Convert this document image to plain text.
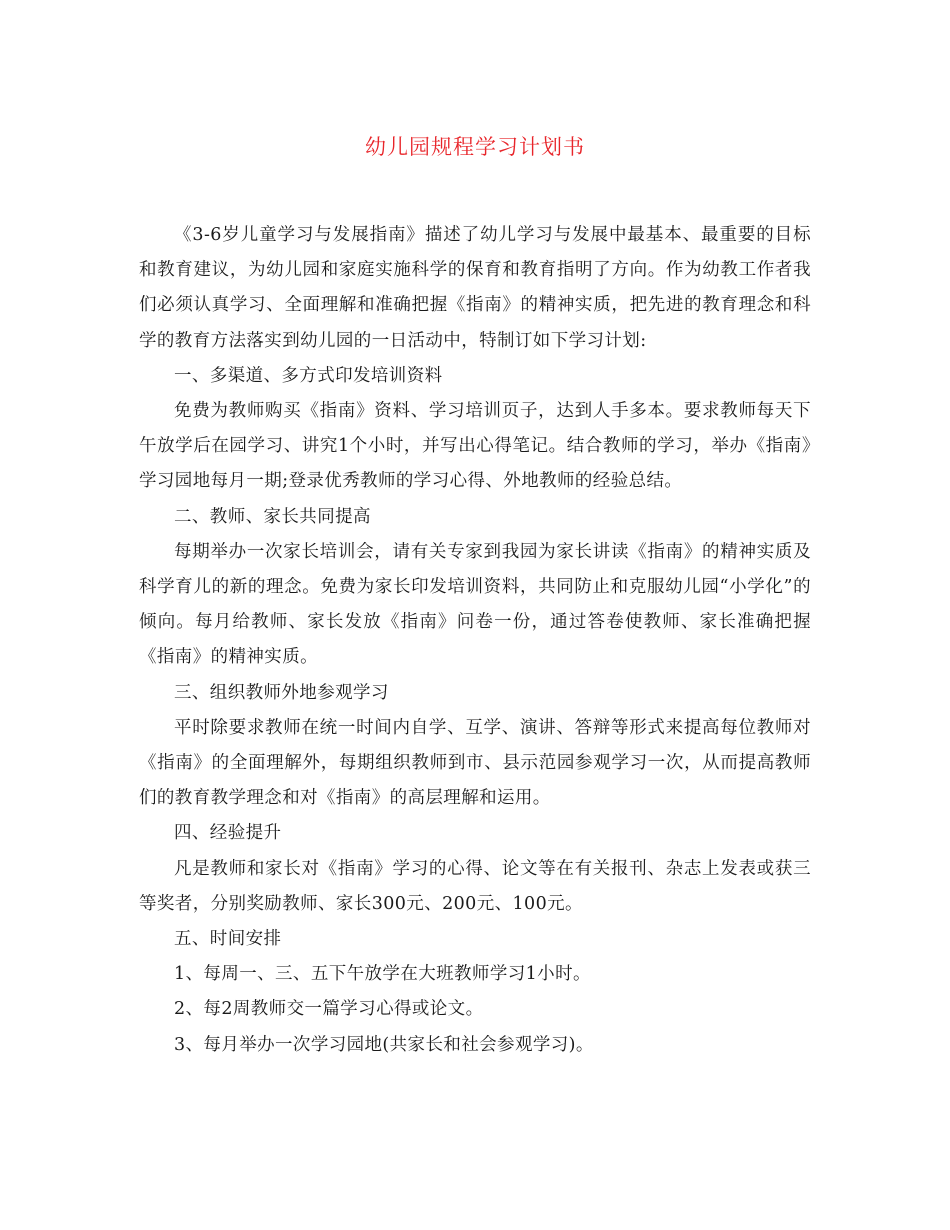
幼儿园规程学习计划书

《3-6岁儿童学习与发展指南》描述了幼儿学习与发展中最基本、最重要的目标和教育建议，为幼儿园和家庭实施科学的保育和教育指明了方向。作为幼教工作者我们必须认真学习、全面理解和准确把握《指南》的精神实质，把先进的教育理念和科学的教育方法落实到幼儿园的一日活动中，特制订如下学习计划:

一、多渠道、多方式印发培训资料

免费为教师购买《指南》资料、学习培训页子，达到人手多本。要求教师每天下午放学后在园学习、讲究1个小时，并写出心得笔记。结合教师的学习，举办《指南》学习园地每月一期;登录优秀教师的学习心得、外地教师的经验总结。

二、教师、家长共同提高

每期举办一次家长培训会，请有关专家到我园为家长讲读《指南》的精神实质及科学育儿的新的理念。免费为家长印发培训资料，共同防止和克服幼儿园“小学化”的倾向。每月给教师、家长发放《指南》问卷一份，通过答卷使教师、家长准确把握《指南》的精神实质。

三、组织教师外地参观学习

平时除要求教师在统一时间内自学、互学、演讲、答辩等形式来提高每位教师对《指南》的全面理解外，每期组织教师到市、县示范园参观学习一次，从而提高教师们的教育教学理念和对《指南》的高层理解和运用。

四、经验提升

凡是教师和家长对《指南》学习的心得、论文等在有关报刊、杂志上发表或获三等奖者，分别奖励教师、家长300元、200元、100元。

五、时间安排

1、每周一、三、五下午放学在大班教师学习1小时。

2、每2周教师交一篇学习心得或论文。

3、每月举办一次学习园地(共家长和社会参观学习)。
